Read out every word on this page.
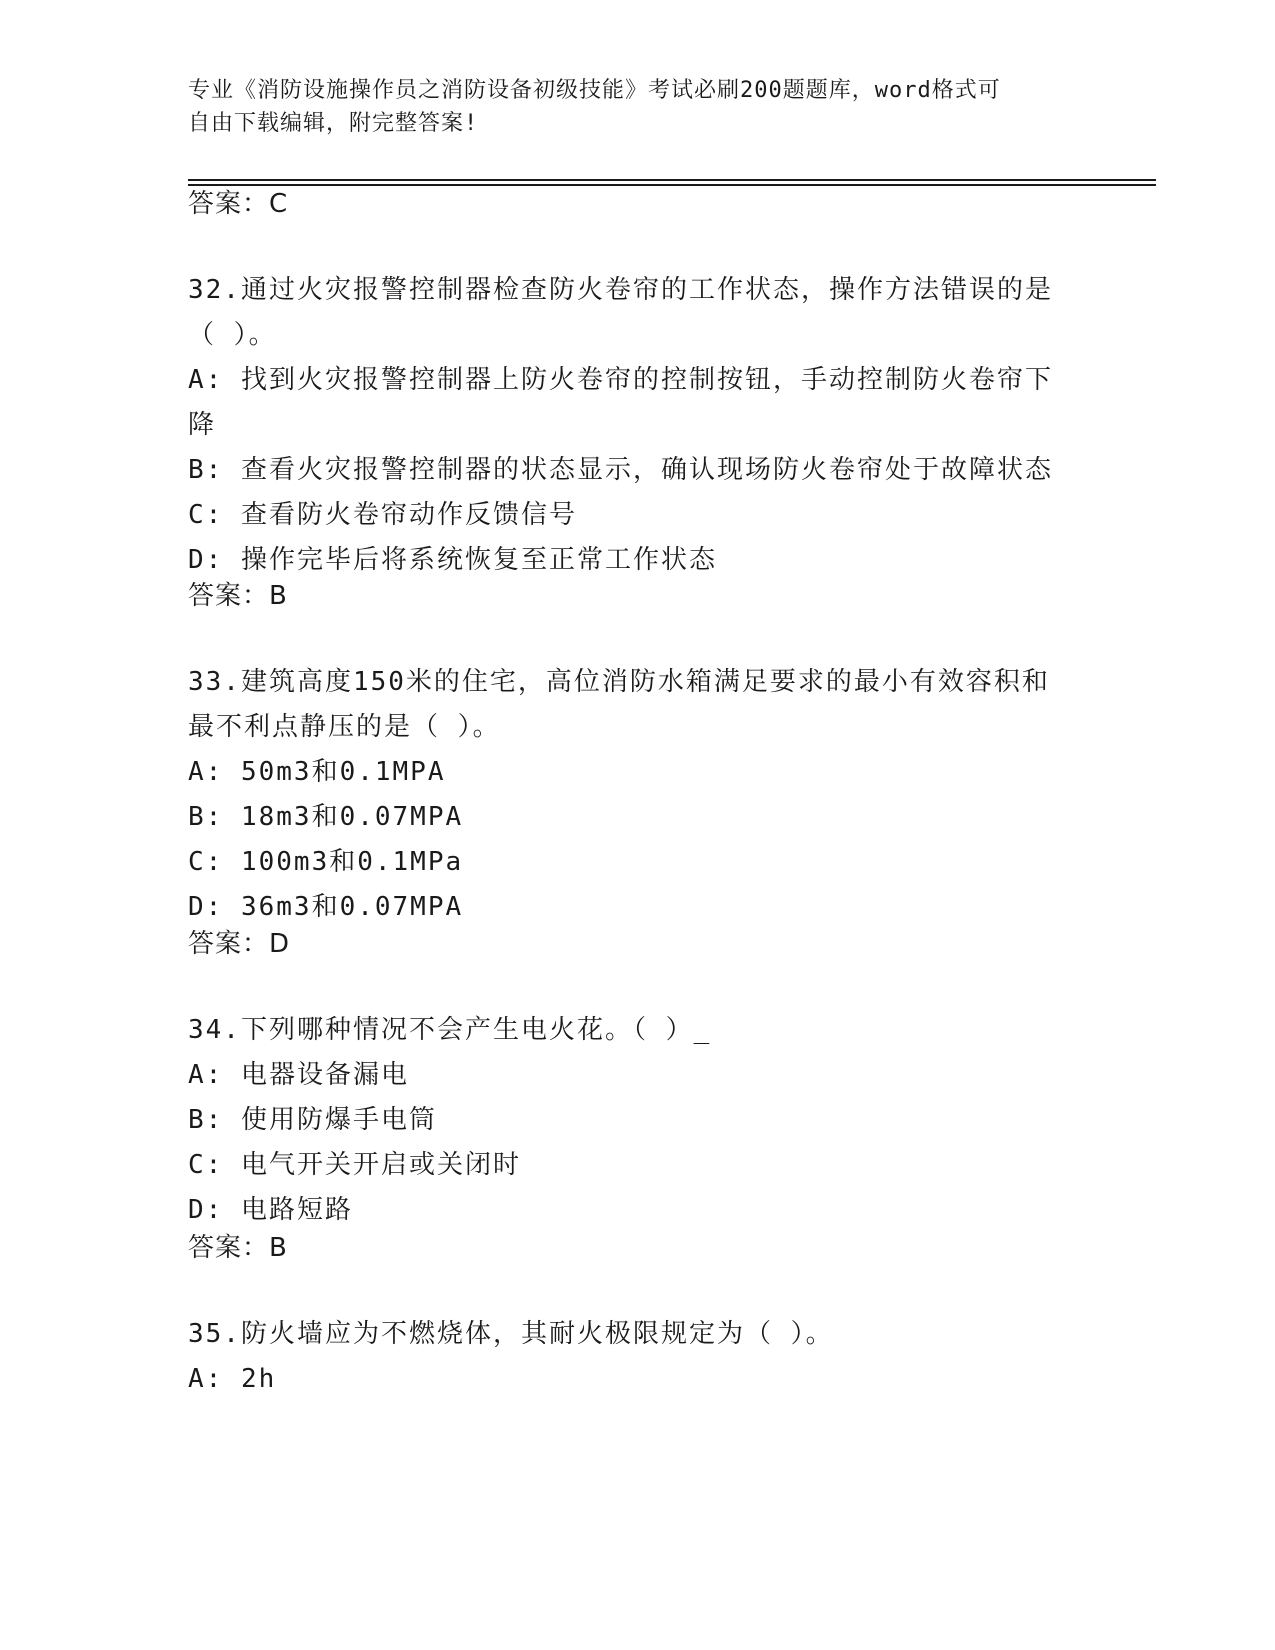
专业《消防设施操作员之消防设备初级技能》考试必刷200题题库，word格式可
自由下载编辑，附完整答案!
答案：C
32.通过火灾报警控制器检查防火卷帘的工作状态，操作方法错误的是
（ ）。
A: 找到火灾报警控制器上防火卷帘的控制按钮，手动控制防火卷帘下
降
B: 查看火灾报警控制器的状态显示，确认现场防火卷帘处于故障状态
C: 查看防火卷帘动作反馈信号
D: 操作完毕后将系统恢复至正常工作状态
答案：B
33.建筑高度150米的住宅，高位消防水箱满足要求的最小有效容积和
最不利点静压的是（ ）。
A: 50m3和0.1MPA
B: 18m3和0.07MPA
C: 100m3和0.1MPa
D: 36m3和0.07MPA
答案：D
34.下列哪种情况不会产生电火花。（ ）_
A: 电器设备漏电
B: 使用防爆手电筒
C: 电气开关开启或关闭时
D: 电路短路
答案：B
35.防火墙应为不燃烧体，其耐火极限规定为（ ）。
A: 2h
